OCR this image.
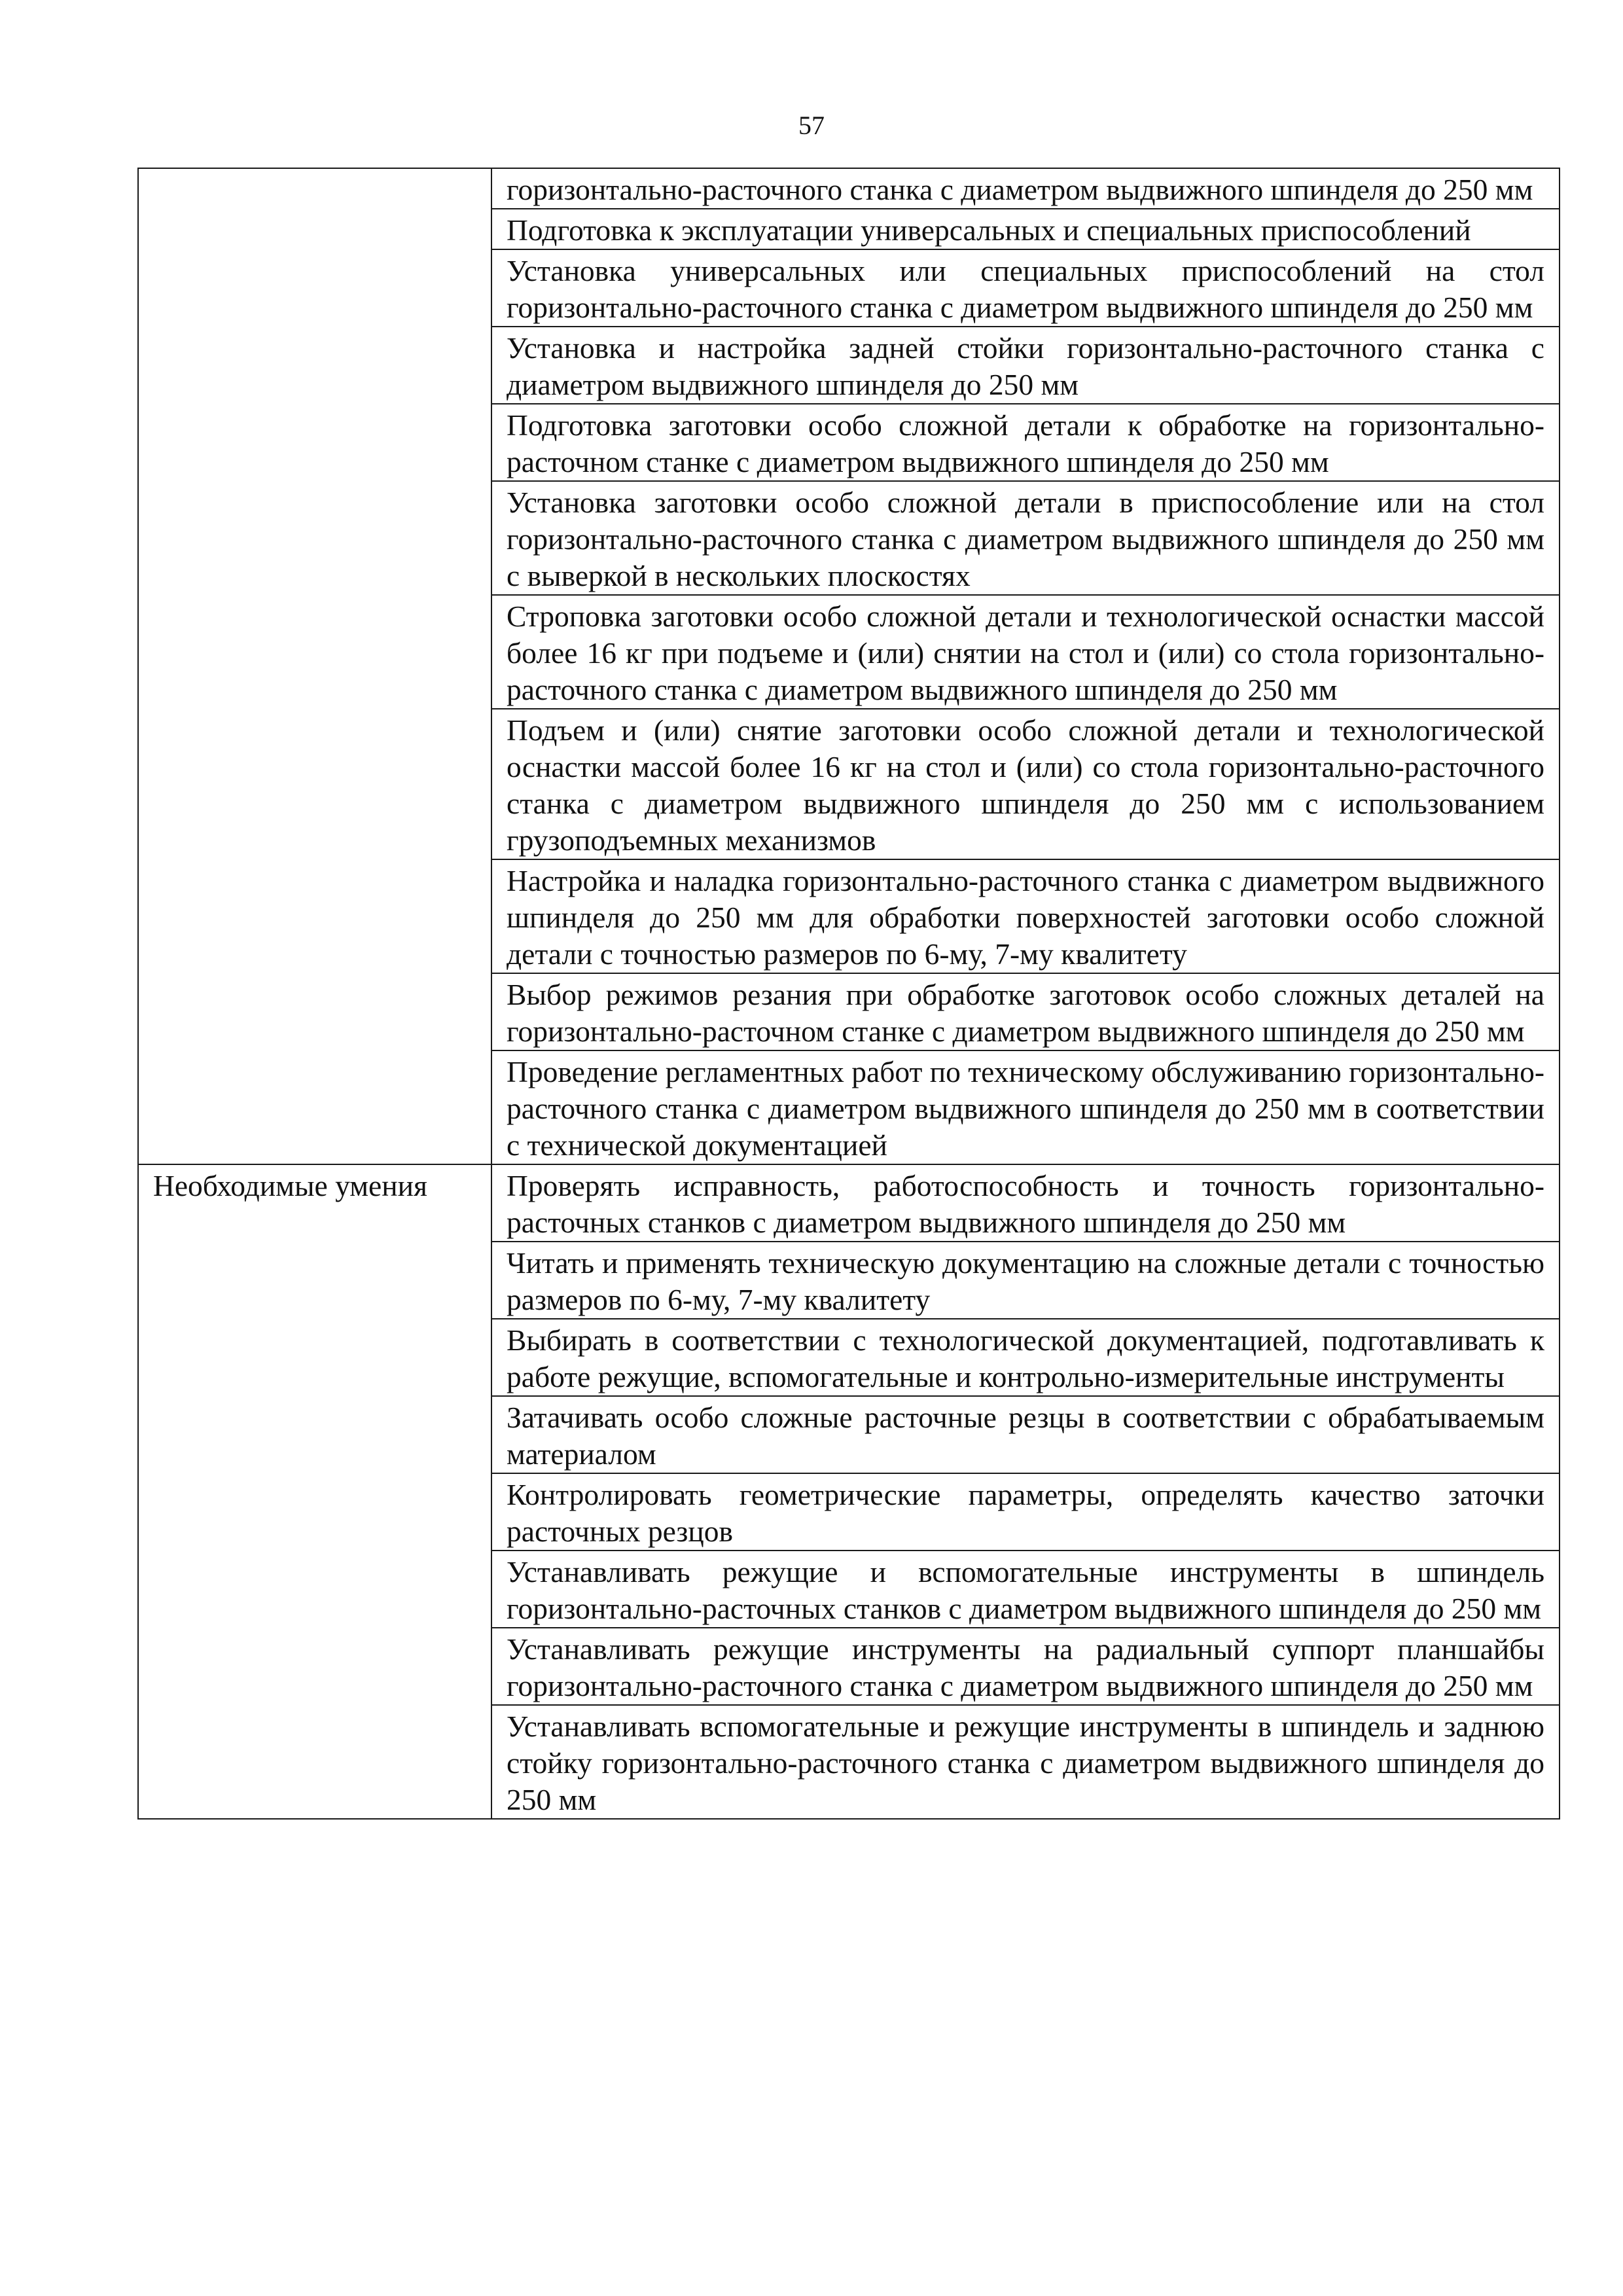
57
	горизонтально-расточного станка с диаметром выдвижного шпинделя до 250 мм
	Подготовка к эксплуатации универсальных и специальных приспособлений
	Установка универсальных или специальных приспособлений на стол горизонтально-расточного станка с диаметром выдвижного шпинделя до 250 мм
	Установка и настройка задней стойки горизонтально-расточного станка с диаметром выдвижного шпинделя до 250 мм
	Подготовка заготовки особо сложной детали к обработке на горизонтально-расточном станке с диаметром выдвижного шпинделя до 250 мм
	Установка заготовки особо сложной детали в приспособление или на стол горизонтально-расточного станка с диаметром выдвижного шпинделя до 250 мм с выверкой в нескольких плоскостях
	Строповка заготовки особо сложной детали и технологической оснастки массой более 16 кг при подъеме и (или) снятии на стол и (или) со стола горизонтально-расточного станка с диаметром выдвижного шпинделя до 250 мм
	Подъем и (или) снятие заготовки особо сложной детали и технологической оснастки массой более 16 кг на стол и (или) со стола горизонтально-расточного станка с диаметром выдвижного шпинделя до 250 мм с использованием грузоподъемных механизмов
	Настройка и наладка горизонтально-расточного станка с диаметром выдвижного шпинделя до 250 мм для обработки поверхностей заготовки особо сложной детали с точностью размеров по 6-му, 7-му квалитету
	Выбор режимов резания при обработке заготовок особо сложных деталей на горизонтально-расточном станке с диаметром выдвижного шпинделя до 250 мм
	Проведение регламентных работ по техническому обслуживанию горизонтально-расточного станка с диаметром выдвижного шпинделя до 250 мм в соответствии с технической документацией
Необходимые умения	Проверять исправность, работоспособность и точность горизонтально-расточных станков с диаметром выдвижного шпинделя до 250 мм
	Читать и применять техническую документацию на сложные детали с точностью размеров по 6-му, 7-му квалитету
	Выбирать в соответствии с технологической документацией, подготавливать к работе режущие, вспомогательные и контрольно-измерительные инструменты
	Затачивать особо сложные расточные резцы в соответствии с обрабатываемым материалом
	Контролировать геометрические параметры, определять качество заточки расточных резцов
	Устанавливать режущие и вспомогательные инструменты в шпиндель горизонтально-расточных станков с диаметром выдвижного шпинделя до 250 мм
	Устанавливать режущие инструменты на радиальный суппорт планшайбы горизонтально-расточного станка с диаметром выдвижного шпинделя до 250 мм
	Устанавливать вспомогательные и режущие инструменты в шпиндель и заднюю стойку горизонтально-расточного станка с диаметром выдвижного шпинделя до 250 мм
